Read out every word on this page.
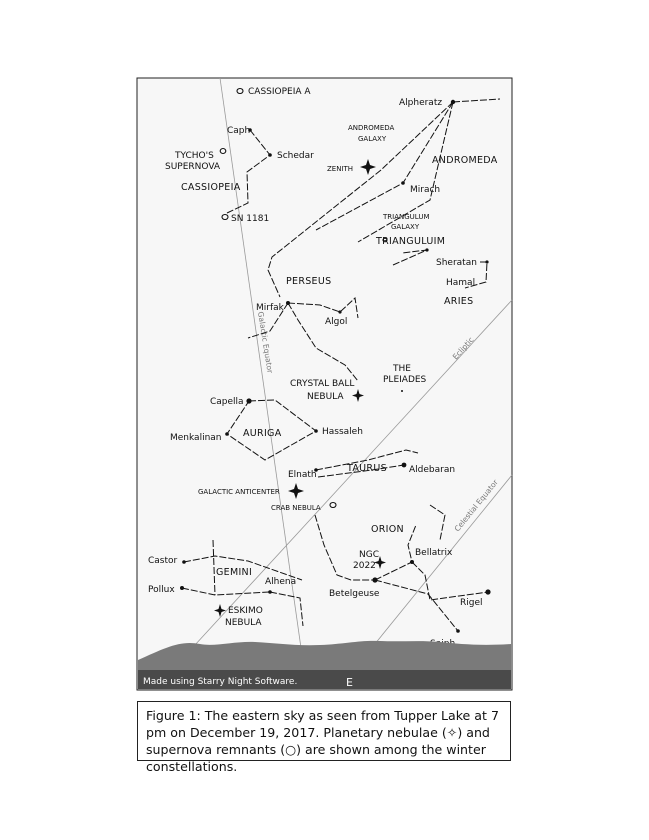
Galactic Equator	Ecliptic
Celestial Equator
Alpheratz
Caph
Schedar
Mirach
Sheratan
Hamal
Mirfak
Algol
Capella
Menkalinan
Hassaleh
Elnath	Aldebaran
Castor
Pollux
Alhena
Betelgeuse
Bellatrix
Rigel
CASSIOPEIA
ANDROMEDA
TRIANGULUIM
PERSEUS
ARIES
AURIGA
TAURUS
ORION
GEMINI
CASSIOPEIA A
TYCHO'S
SUPERNOVA
SN 1181
ANDROMEDA
GALAXY
ZENITH
TRIANGULUM
GALAXY
THE
PLEIADES
CRYSTAL BALL
NEBULA
GALACTIC ANTICENTER
CRAB NEBULA
NGC
2022
ESKIMO
NEBULA
Made using Starry Night Software.	E
Figure 1: The eastern sky as seen from Tupper Lake at 7 pm on December 19, 2017. Planetary nebulae (✧) and supernova remnants (○) are shown among the winter constellations.
